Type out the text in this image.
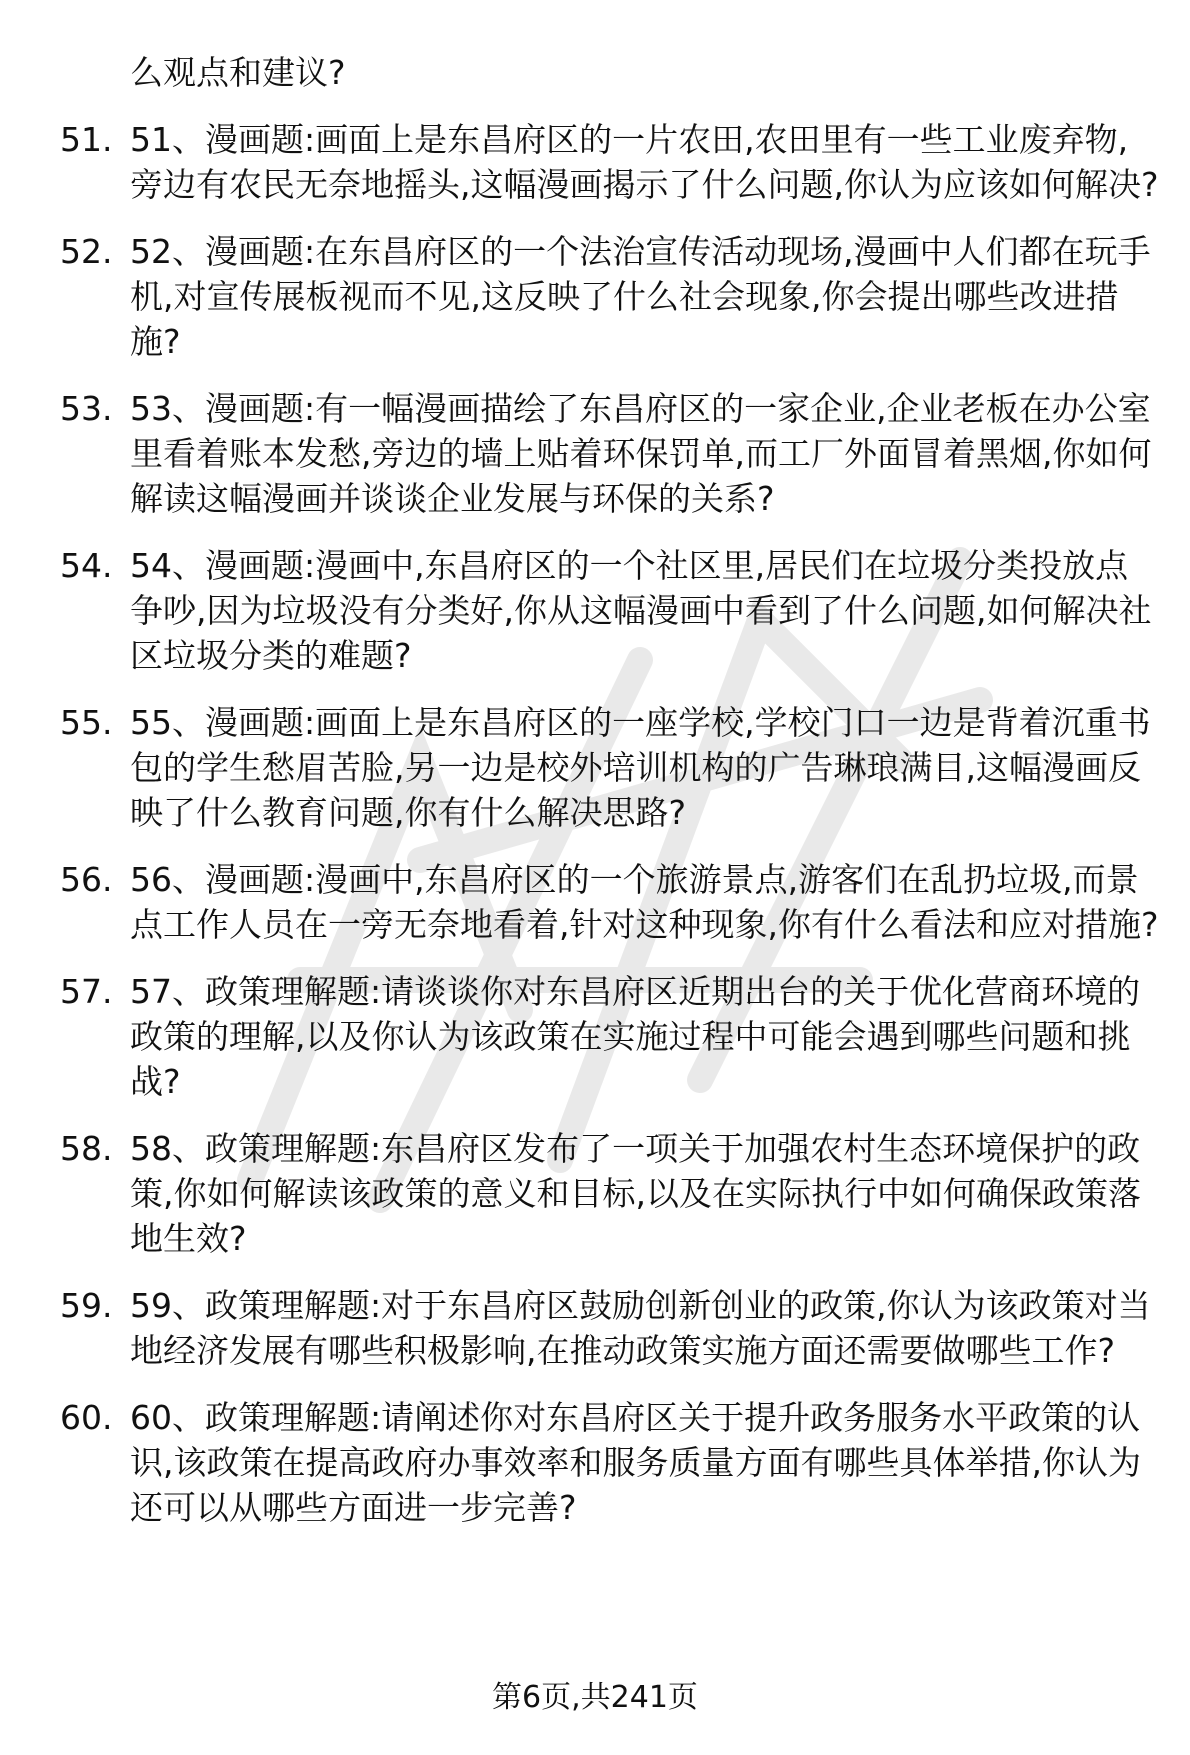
么观点和建议?

51. 51、漫画题:画面上是东昌府区的一片农田,农田里有一些工业废弃物,旁边有农民无奈地摇头,这幅漫画揭示了什么问题,你认为应该如何解决?
52. 52、漫画题:在东昌府区的一个法治宣传活动现场,漫画中人们都在玩手机,对宣传展板视而不见,这反映了什么社会现象,你会提出哪些改进措施?
53. 53、漫画题:有一幅漫画描绘了东昌府区的一家企业,企业老板在办公室里看着账本发愁,旁边的墙上贴着环保罚单,而工厂外面冒着黑烟,你如何解读这幅漫画并谈谈企业发展与环保的关系?
54. 54、漫画题:漫画中,东昌府区的一个社区里,居民们在垃圾分类投放点争吵,因为垃圾没有分类好,你从这幅漫画中看到了什么问题,如何解决社区垃圾分类的难题?
55. 55、漫画题:画面上是东昌府区的一座学校,学校门口一边是背着沉重书包的学生愁眉苦脸,另一边是校外培训机构的广告琳琅满目,这幅漫画反映了什么教育问题,你有什么解决思路?
56. 56、漫画题:漫画中,东昌府区的一个旅游景点,游客们在乱扔垃圾,而景点工作人员在一旁无奈地看着,针对这种现象,你有什么看法和应对措施?
57. 57、政策理解题:请谈谈你对东昌府区近期出台的关于优化营商环境的政策的理解,以及你认为该政策在实施过程中可能会遇到哪些问题和挑战?
58. 58、政策理解题:东昌府区发布了一项关于加强农村生态环境保护的政策,你如何解读该政策的意义和目标,以及在实际执行中如何确保政策落地生效?
59. 59、政策理解题:对于东昌府区鼓励创新创业的政策,你认为该政策对当地经济发展有哪些积极影响,在推动政策实施方面还需要做哪些工作?
60. 60、政策理解题:请阐述你对东昌府区关于提升政务服务水平政策的认识,该政策在提高政府办事效率和服务质量方面有哪些具体举措,你认为还可以从哪些方面进一步完善?
第6页,共241页
